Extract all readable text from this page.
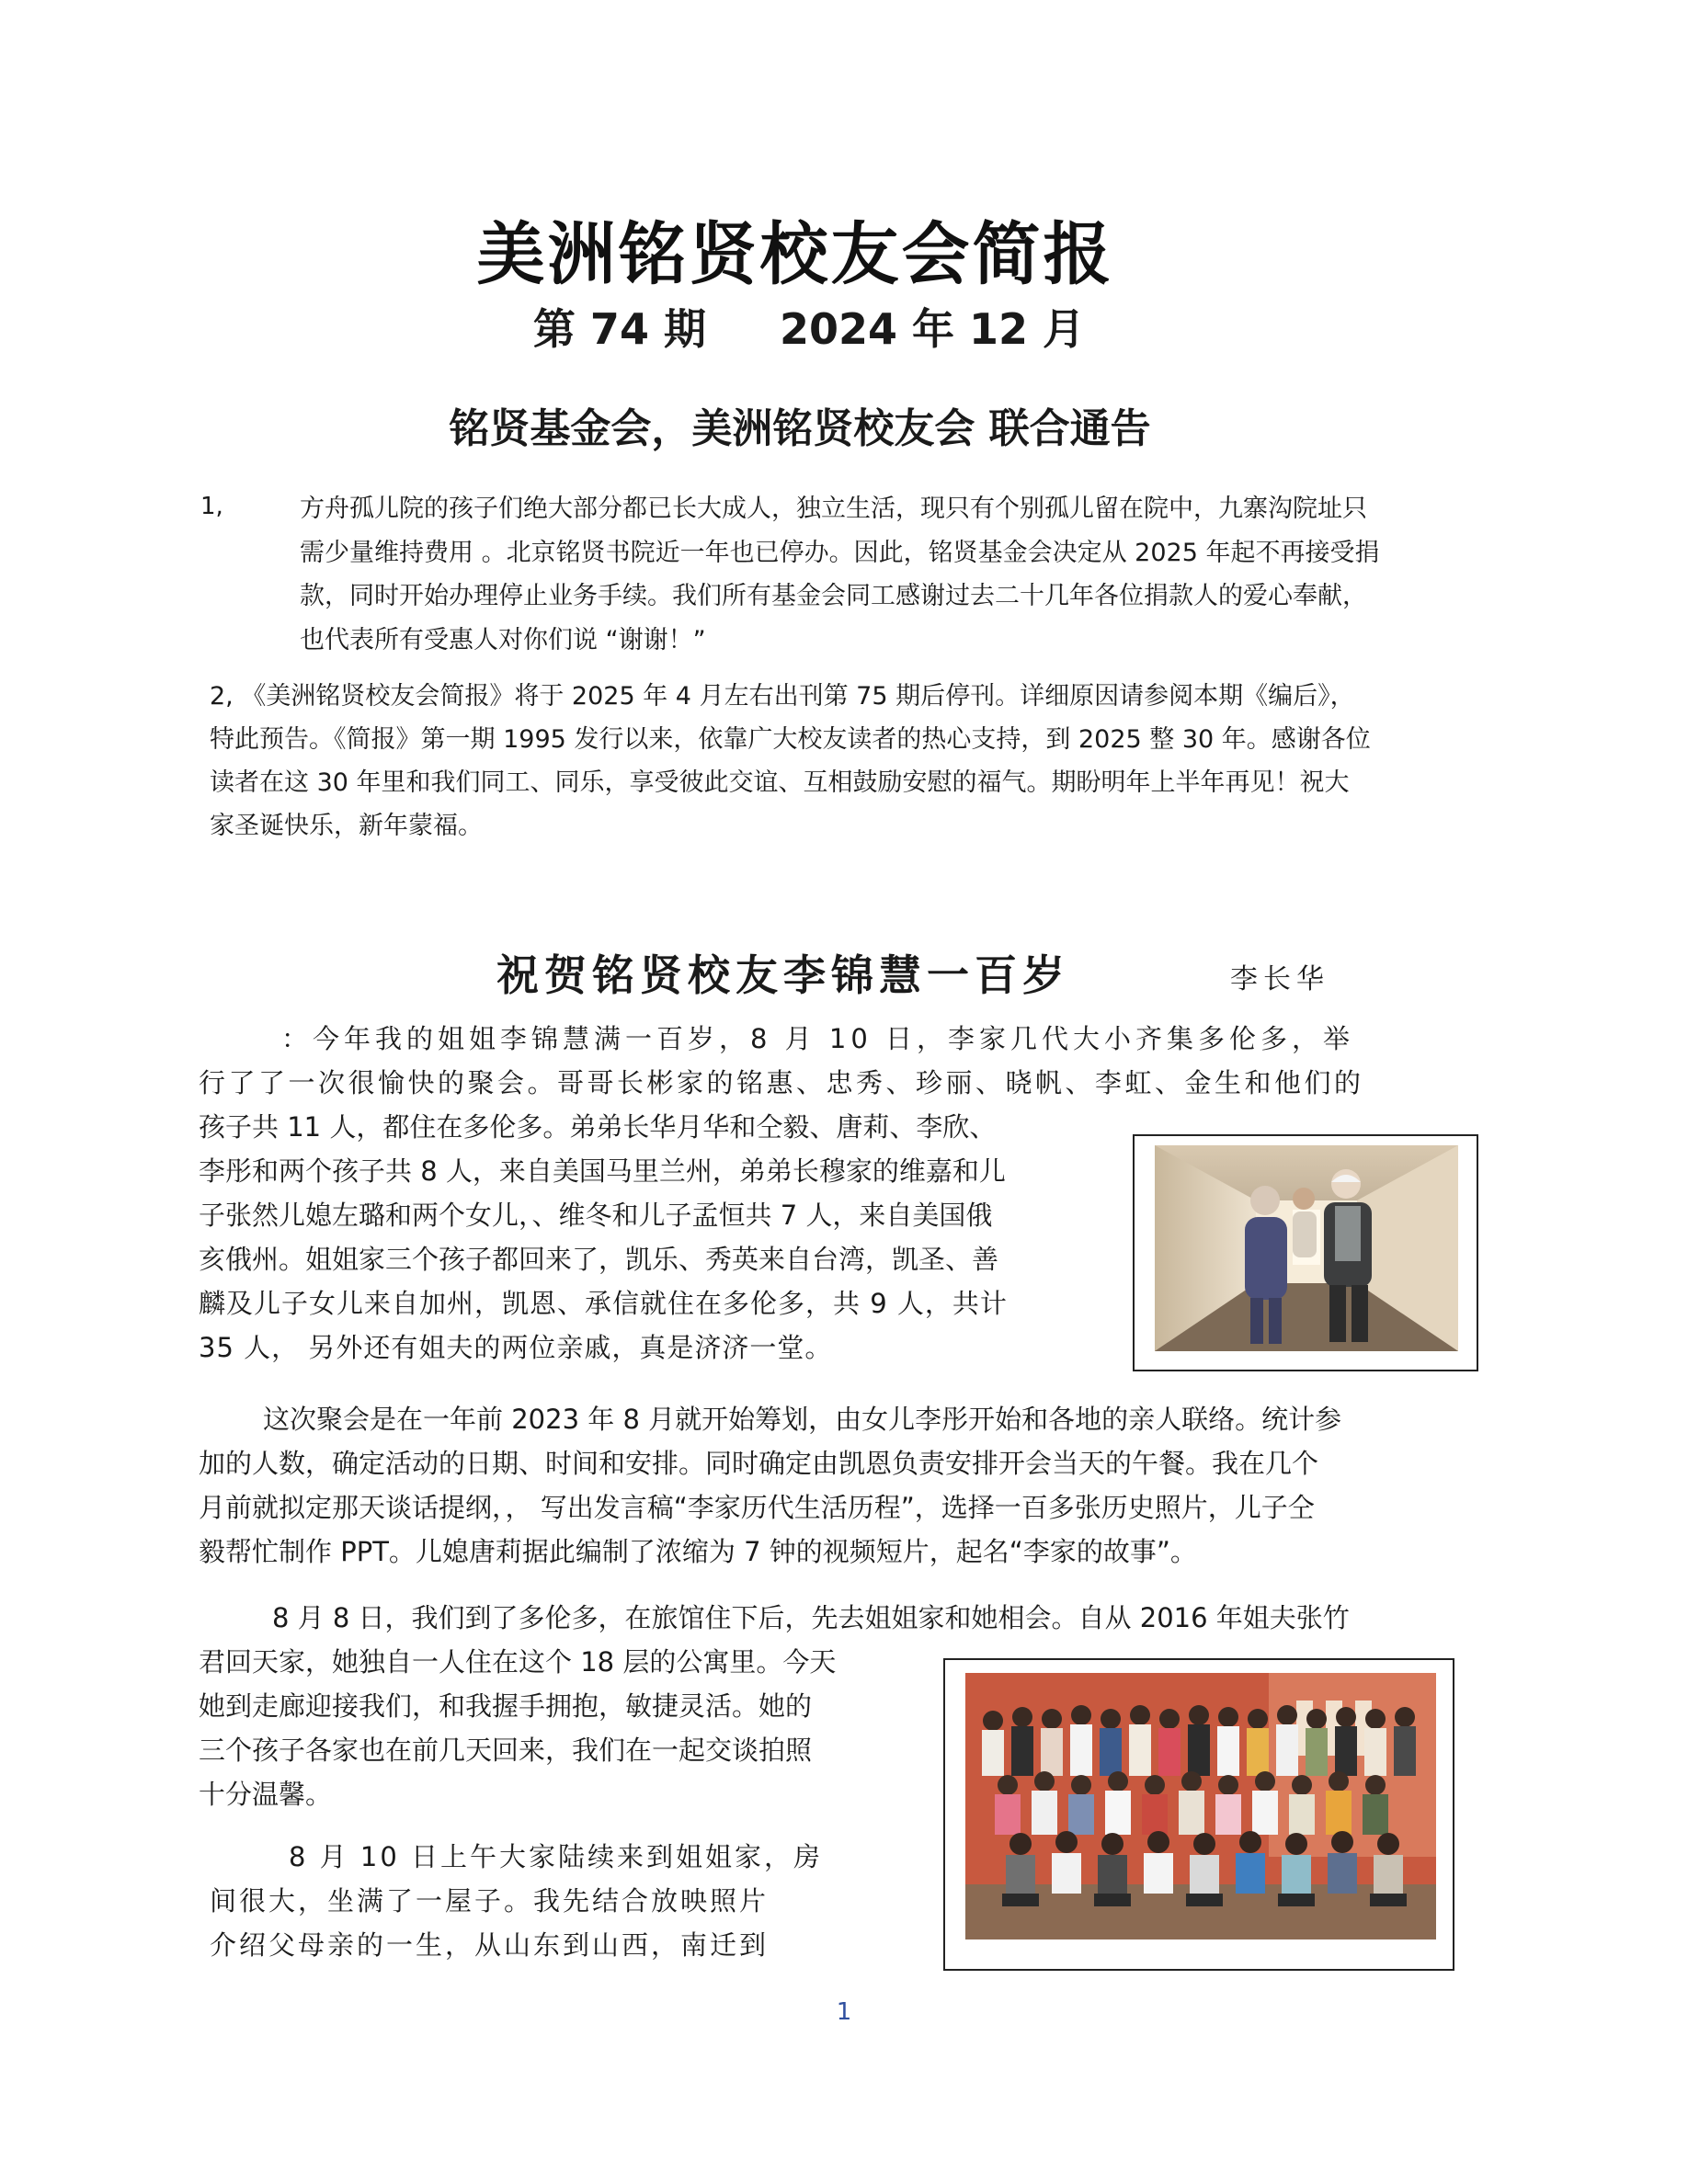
美洲铭贤校友会简报
第 74 期 2024 年 12 月
铭贤基金会，美洲铭贤校友会 联合通告
1,	方舟孤儿院的孩子们绝大部分都已长大成人，独立生活，现只有个别孤儿留在院中，九寨沟院址只
需少量维持费用 。北京铭贤书院近一年也已停办。因此，铭贤基金会决定从 2025 年起不再接受捐
款，同时开始办理停止业务手续。我们所有基金会同工感谢过去二十几年各位捐款人的爱心奉献，
也代表所有受惠人对你们说 “谢谢！”
2, 《美洲铭贤校友会简报》将于 2025 年 4 月左右出刊第 75 期后停刊。详细原因请参阅本期《编后》，
特此预告。《简报》第一期 1995 发行以来，依靠广大校友读者的热心支持，到 2025 整 30 年。感谢各位
读者在这 30 年里和我们同工、同乐，享受彼此交谊、互相鼓励安慰的福气。期盼明年上半年再见！祝大
家圣诞快乐，新年蒙福。
祝贺铭贤校友李锦慧一百岁	李长华
：今年我的姐姐李锦慧满一百岁，8 月 10 日，李家几代大小齐集多伦多，举
行了了一次很愉快的聚会。哥哥长彬家的铭惠、忠秀、珍丽、晓帆、李虹、金生和他们的
孩子共 11 人，都住在多伦多。弟弟长华月华和仝毅、唐莉、李欣、
李彤和两个孩子共 8 人，来自美国马里兰州，弟弟长穆家的维嘉和儿
子张然儿媳左璐和两个女儿，、维冬和儿子孟恒共 7 人，来自美国俄
亥俄州。姐姐家三个孩子都回来了，凯乐、秀英来自台湾，凯圣、善
麟及儿子女儿来自加州，凯恩、承信就住在多伦多，共 9 人，共计
35 人， 另外还有姐夫的两位亲戚，真是济济一堂。
这次聚会是在一年前 2023 年 8 月就开始筹划，由女儿李彤开始和各地的亲人联络。统计参
加的人数，确定活动的日期、时间和安排。同时确定由凯恩负责安排开会当天的午餐。我在几个
月前就拟定那天谈话提纲，， 写出发言稿“李家历代生活历程”，选择一百多张历史照片，儿子仝
毅帮忙制作 PPT。儿媳唐莉据此编制了浓缩为 7 钟的视频短片，起名“李家的故事”。
8 月 8 日，我们到了多伦多，在旅馆住下后，先去姐姐家和她相会。自从 2016 年姐夫张竹
君回天家，她独自一人住在这个 18 层的公寓里。今天
她到走廊迎接我们，和我握手拥抱，敏捷灵活。她的
三个孩子各家也在前几天回来，我们在一起交谈拍照
十分温馨。
8 月 10 日上午大家陆续来到姐姐家，房
间很大，坐满了一屋子。我先结合放映照片
介绍父母亲的一生，从山东到山西，南迁到
1
